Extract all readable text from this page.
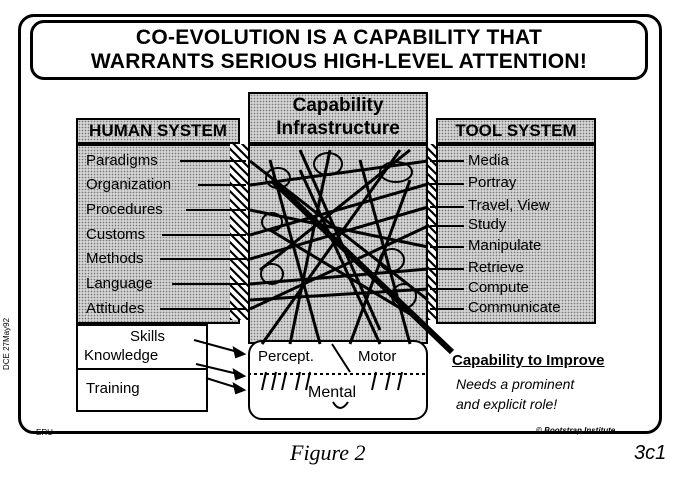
CO-EVOLUTION IS A CAPABILITY THAT
WARRANTS SERIOUS HIGH-LEVEL ATTENTION!
HUMAN SYSTEM
Paradigms
Organization
Procedures
Customs
Methods
Language
Attitudes
Skills
Knowledge
Training
Capability
Infrastructure	TOOL SYSTEM
Media
Portray
Travel, View
Study
Manipulate
Retrieve
Compute
Communicate
Percept.	Motor
Mental
Capability to Improve
Needs a prominent
and explicit role!
ERU
DCE 27May92
© Bootstrap Institute
Figure 2	3c1
